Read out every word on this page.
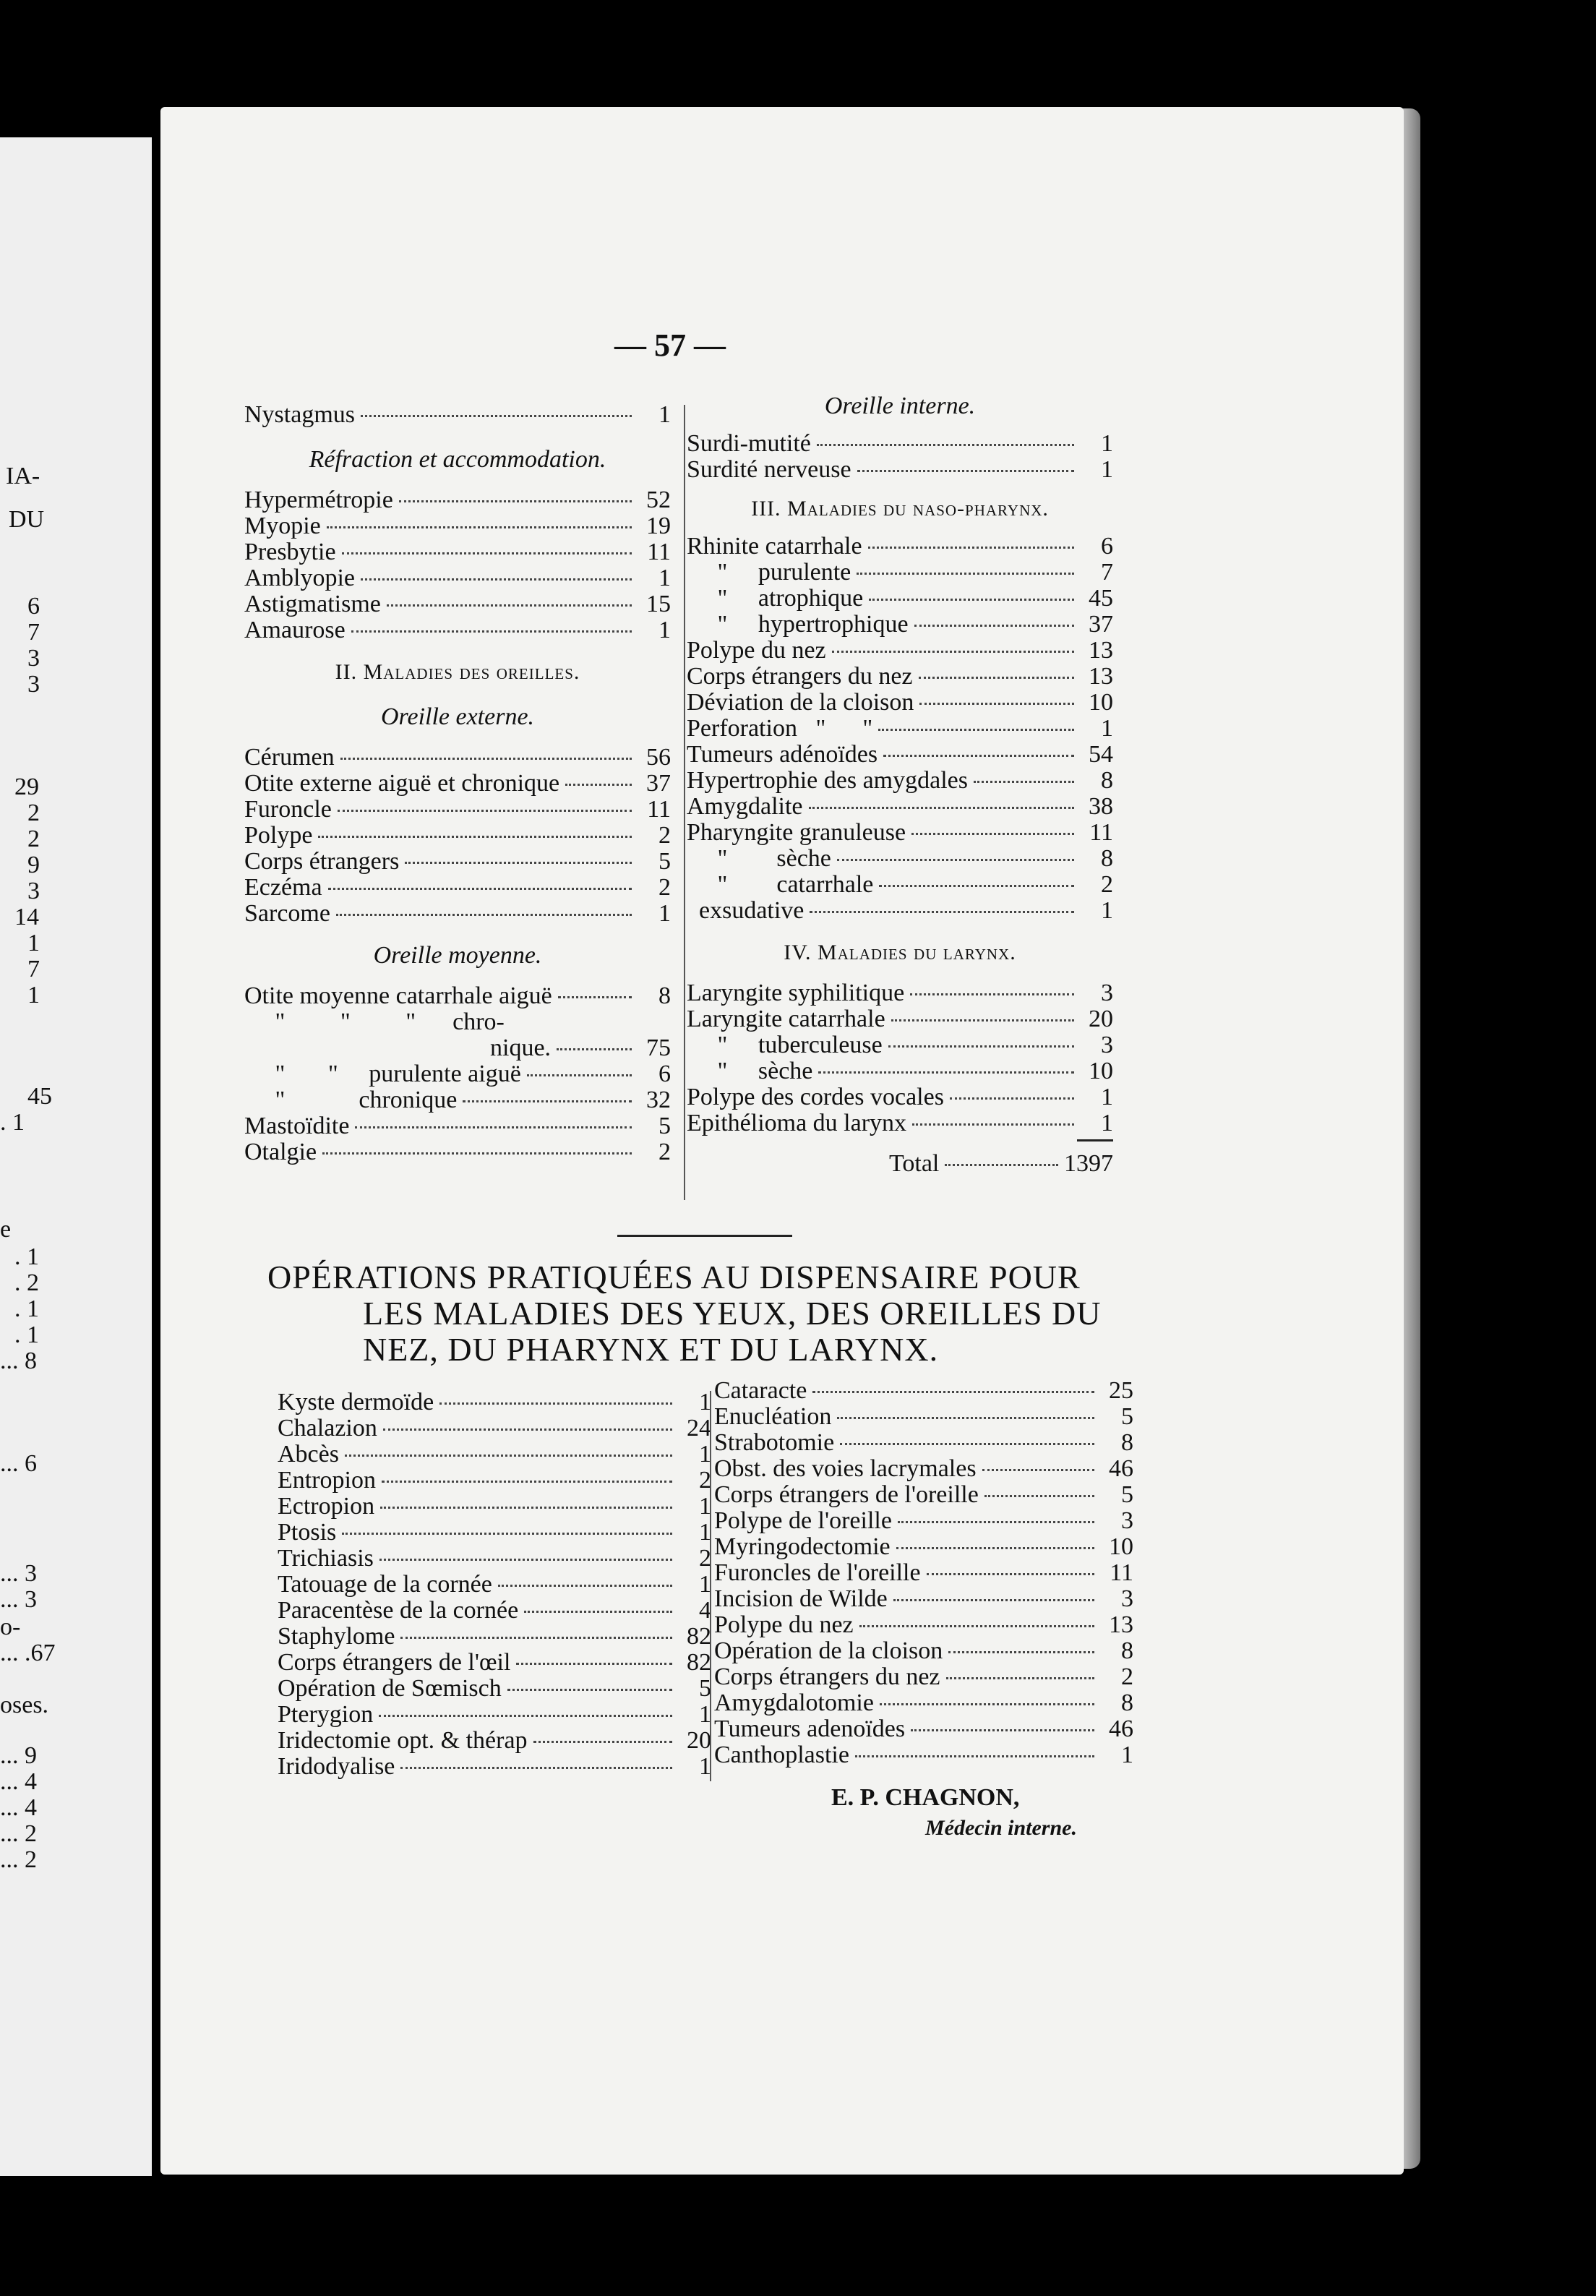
IA-
DU
6
7
3
3
29
2
2
9
3
14
1
7
1
45
. 1
e
. 1
. 2
. 1
. 1
... 8
... 6
... 3
... 3
o-
... .67
oses.
... 9
... 4
... 4
... 2
... 2
— 57 —
Nystagmus	1
Réfraction et accommodation.
Hypermétropie	52
Myopie	19
Presbytie	11
Amblyopie	1
Astigmatisme	15
Amaurose	1
II. Maladies des oreilles.
Oreille externe.
Cérumen	56
Otite externe aiguë et chronique	37
Furoncle	11
Polype	2
Corps étrangers	5
Eczéma	2
Sarcome	1
Oreille moyenne.
Otite moyenne catarrhale aiguë	8
"         "         "      chro-
nique.	75
"       "     purulente aiguë	6
"            chronique	32
Mastoïdite	5
Otalgie	2
Oreille interne.
Surdi-mutité	1
Surdité nerveuse	1
III. Maladies du naso-pharynx.
Rhinite catarrhale	6
"     purulente	7
"     atrophique	45
"     hypertrophique	37
Polype du nez	13
Corps étrangers du nez	13
Déviation de la cloison	10
Perforation   "      "	1
Tumeurs adénoïdes	54
Hypertrophie des amygdales	8
Amygdalite	38
Pharyngite granuleuse	11
"        sèche	8
"        catarrhale	2
exsudative	1
IV. Maladies du larynx.
Laryngite syphilitique	3
Laryngite catarrhale	20
"     tuberculeuse	3
"     sèche	10
Polype des cordes vocales	1
Epithélioma du larynx	1
Total	1397
OPÉRATIONS PRATIQUÉES AU DISPENSAIRE POUR
LES MALADIES DES YEUX, DES OREILLES DU
NEZ, DU PHARYNX ET DU LARYNX.
Kyste dermoïde	1
Chalazion	24
Abcès	1
Entropion	2
Ectropion	1
Ptosis	1
Trichiasis	2
Tatouage de la cornée	1
Paracentèse de la cornée	4
Staphylome	82
Corps étrangers de l'œil	82
Opération de Sœmisch	5
Pterygion	1
Iridectomie opt. & thérap	20
Iridodyalise	1
Cataracte	25
Enucléation	5
Strabotomie	8
Obst. des voies lacrymales	46
Corps étrangers de l'oreille	5
Polype de l'oreille	3
Myringodectomie	10
Furoncles de l'oreille	11
Incision de Wilde	3
Polype du nez	13
Opération de la cloison	8
Corps étrangers du nez	2
Amygdalotomie	8
Tumeurs adenoïdes	46
Canthoplastie	1
E. P. CHAGNON,
Médecin interne.
